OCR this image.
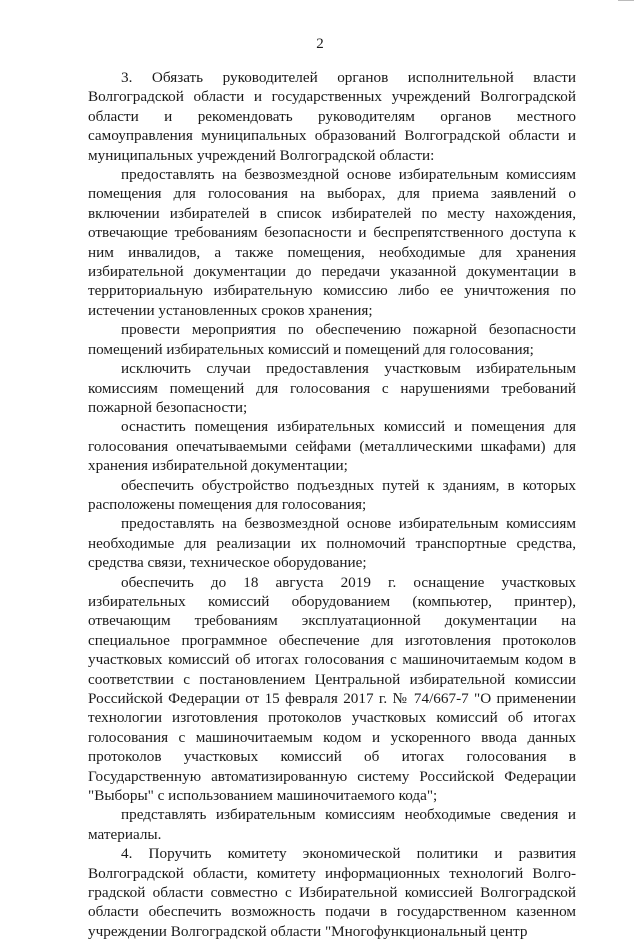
2

3. Обязать руководителей органов исполнительной власти Волгоградской области и государственных учреждений Волгоградской области и рекомендовать руководителям органов местного самоуправления муниципальных образований Волгоградской области и муниципальных учреждений Волгоградской области:

предоставлять на безвозмездной основе избирательным комиссиям помещения для голосования на выборах, для приема заявлений о включении избирателей в список избирателей по месту нахождения, отвечающие требованиям безопасности и беспрепятственного доступа к ним инвалидов, а также помещения, необходимые для хранения избирательной документации до передачи указанной документации в территориальную избирательную комиссию либо ее уничтожения по истечении установленных сроков хранения;

провести мероприятия по обеспечению пожарной безопасности помещений избирательных комиссий и помещений для голосования;

исключить случаи предоставления участковым избирательным комиссиям помещений для голосования с нарушениями требований пожарной безопасности;

оснастить помещения избирательных комиссий и помещения для голосования опечатываемыми сейфами (металлическими шкафами) для хранения избирательной документации;

обеспечить обустройство подъездных путей к зданиям, в которых расположены помещения для голосования;

предоставлять на безвозмездной основе избирательным комиссиям необходимые для реализации их полномочий транспортные средства, средства связи, техническое оборудование;

обеспечить до 18 августа 2019 г. оснащение участковых избирательных комиссий оборудованием (компьютер, принтер), отвечающим требованиям эксплуатационной документации на специальное программное обеспечение для изготовления протоколов участковых комиссий об итогах голосования с машиночитаемым кодом в соответствии с постановлением Центральной избирательной комиссии Российской Федерации от 15 февраля 2017 г. № 74/667-7 "О применении технологии изготовления протоколов участковых комиссий об итогах голосования с машиночитаемым кодом и ускоренного ввода данных протоколов участковых комиссий об итогах голосования в Государственную автоматизированную систему Российской Федерации "Выборы" с использованием машиночитаемого кода";

представлять избирательным комиссиям необходимые сведения и материалы.

4. Поручить комитету экономической политики и развития Волгоградской области, комитету информационных технологий Волгоградской области совместно с Избирательной комиссией Волгоградской области обеспечить возможность подачи в государственном казенном учреждении Волгоградской области "Многофункциональный центр
